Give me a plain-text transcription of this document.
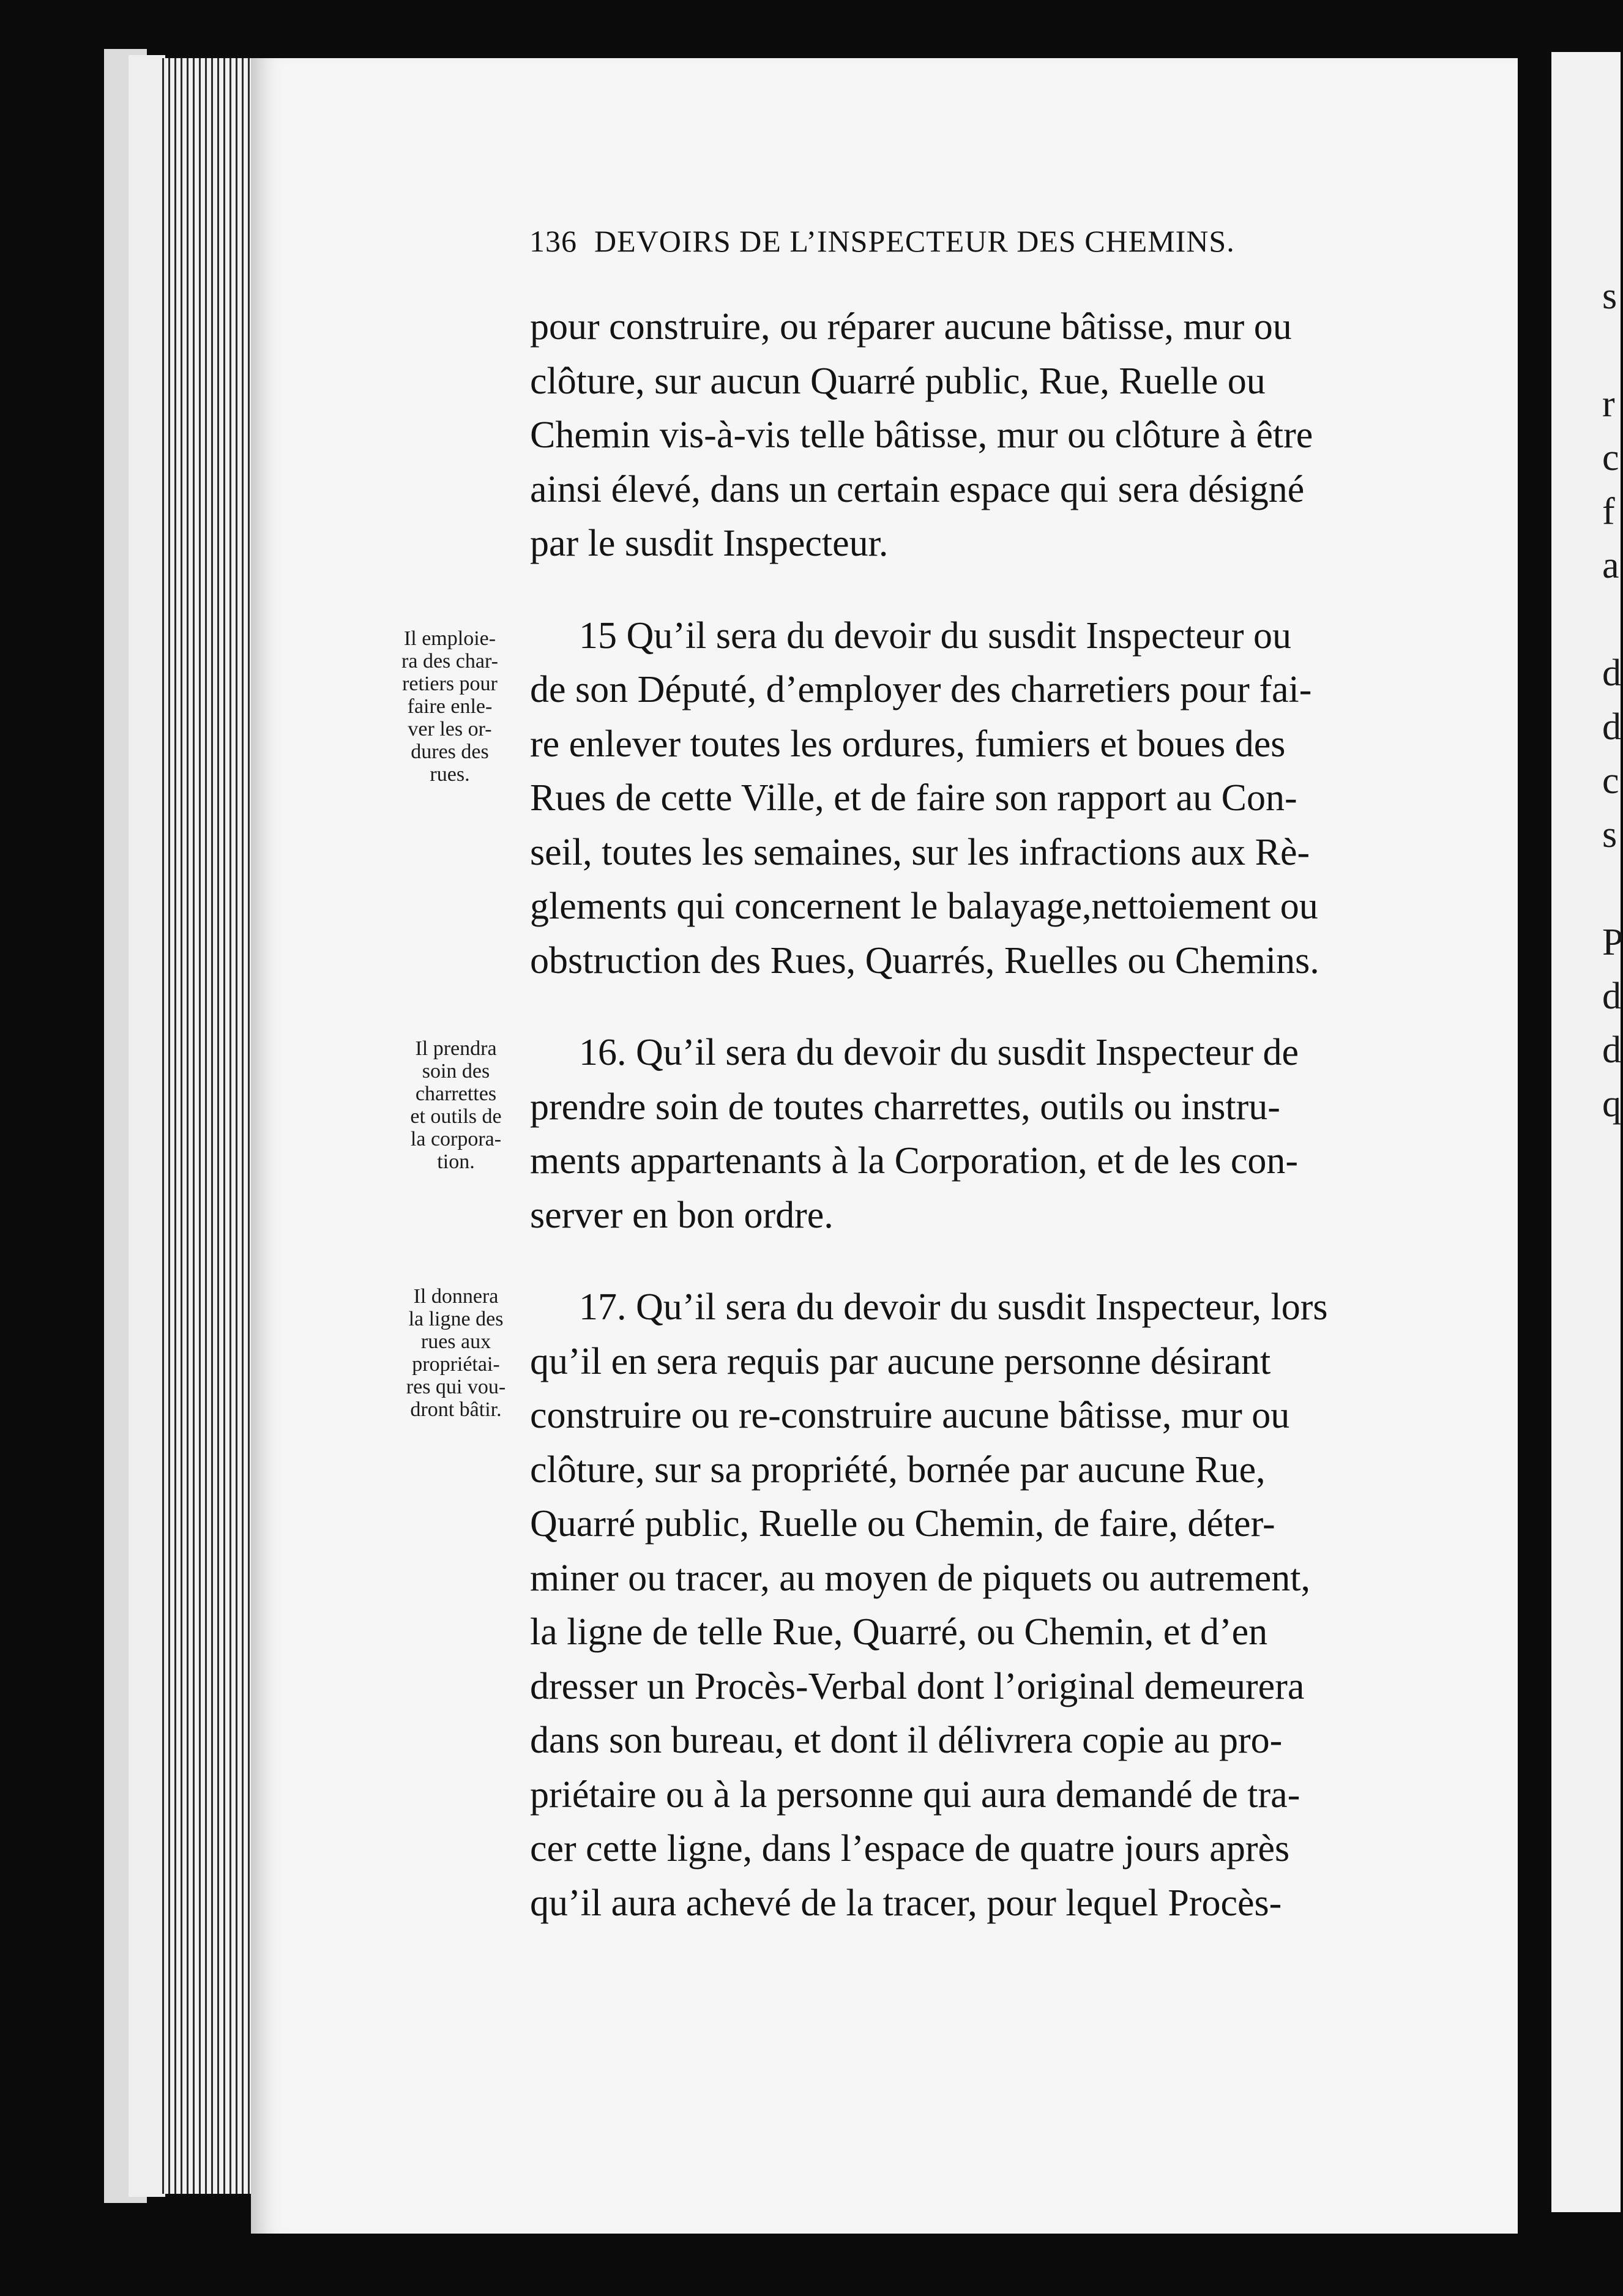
s
r
c
f
a
d
d
c
s
P
d
d
q
136 DEVOIRS DE L’INSPECTEUR DES CHEMINS.

pour construire, ou réparer aucune bâtisse, mur ou

clôture, sur aucun Quarré public, Rue, Ruelle ou

Chemin vis-à-vis telle bâtisse, mur ou clôture à être

ainsi élevé, dans un certain espace qui sera désigné

par le susdit Inspecteur.

15 Qu’il sera du devoir du susdit Inspecteur ou

de son Député, d’employer des charretiers pour fai-

re enlever toutes les ordures, fumiers et boues des

Rues de cette Ville, et de faire son rapport au Con-

seil, toutes les semaines, sur les infractions aux Rè-

glements qui concernent le balayage,nettoiement ou

obstruction des Rues, Quarrés, Ruelles ou Chemins.

16. Qu’il sera du devoir du susdit Inspecteur de

prendre soin de toutes charrettes, outils ou instru-

ments appartenants à la Corporation, et de les con-

server en bon ordre.

17. Qu’il sera du devoir du susdit Inspecteur, lors

qu’il en sera requis par aucune personne désirant

construire ou re-construire aucune bâtisse, mur ou

clôture, sur sa propriété, bornée par aucune Rue,

Quarré public, Ruelle ou Chemin, de faire, déter-

miner ou tracer, au moyen de piquets ou autrement,

la ligne de telle Rue, Quarré, ou Chemin, et d’en

dresser un Procès-Verbal dont l’original demeurera

dans son bureau, et dont il délivrera copie au pro-

priétaire ou à la personne qui aura demandé de tra-

cer cette ligne, dans l’espace de quatre jours après

qu’il aura achevé de la tracer, pour lequel Procès-

Il emploie-
ra des char-
retiers pour
faire enle-
ver les or-
dures des
rues.
Il prendra
soin des
charrettes
et outils de
la corpora-
tion.
Il donnera
la ligne des
rues aux
propriétai-
res qui vou-
dront bâtir.
